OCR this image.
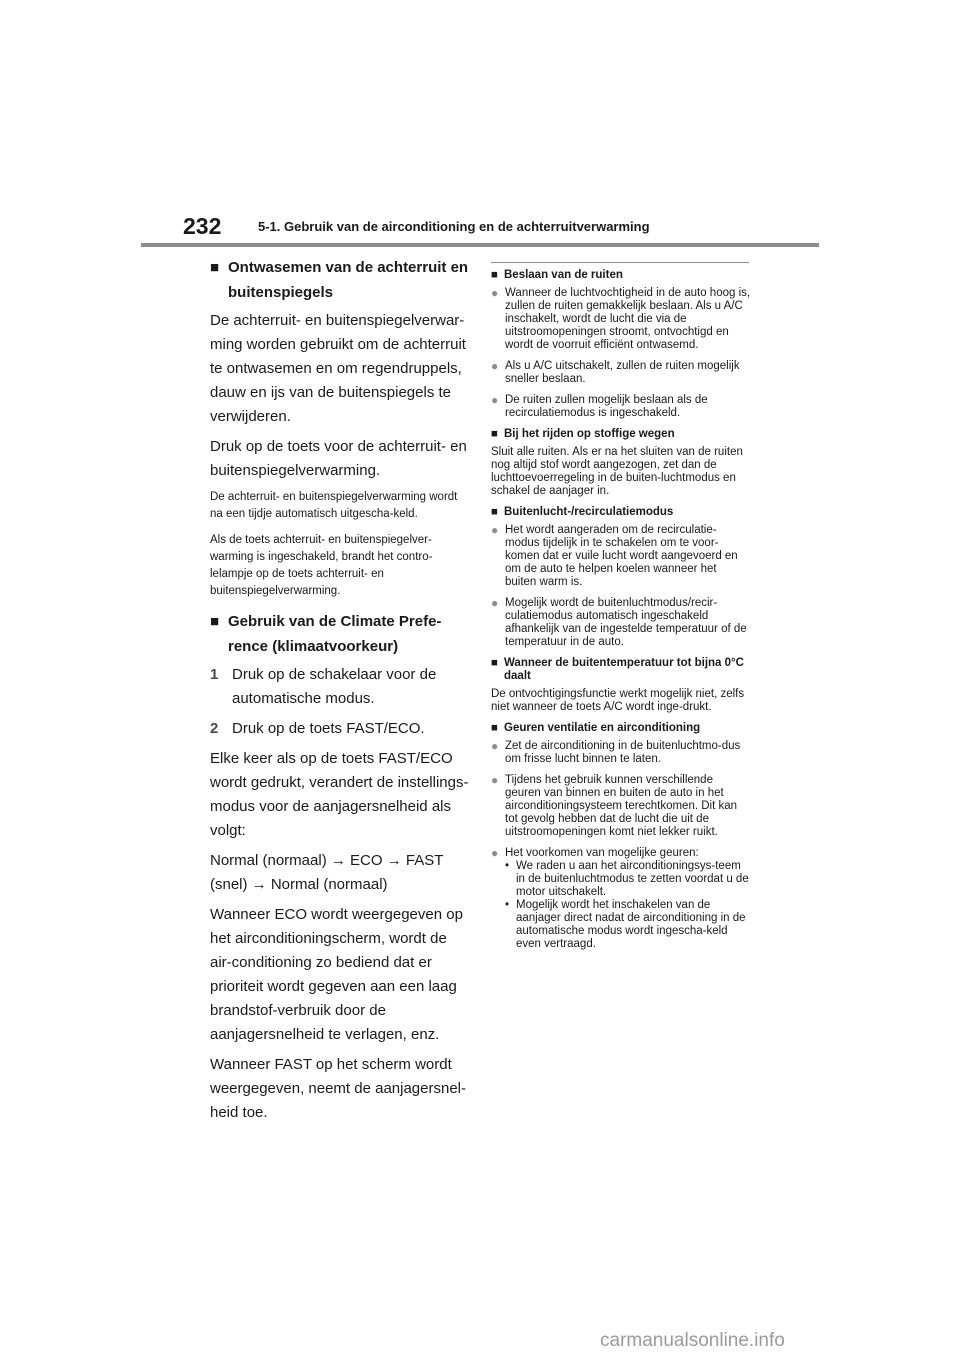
232	5-1. Gebruik van de airconditioning en de achterruitverwarming
■ Ontwasemen van de achterruit en buitenspiegels

De achterruit- en buitenspiegelverwar-ming worden gebruikt om de achterruit te ontwasemen en om regendruppels, dauw en ijs van de buitenspiegels te verwijderen.

Druk op de toets voor de achterruit- en buitenspiegelverwarming.

De achterruit- en buitenspiegelverwarming wordt na een tijdje automatisch uitgescha-keld.

Als de toets achterruit- en buitenspiegelver-warming is ingeschakeld, brandt het contro-lelampje op de toets achterruit- en buitenspiegelverwarming.

■ Gebruik van de Climate Prefe-rence (klimaatvoorkeur)
1 Druk op de schakelaar voor de automatische modus.
2 Druk op de toets FAST/ECO.

Elke keer als op de toets FAST/ECO wordt gedrukt, verandert de instellings-modus voor de aanjagersnelheid als volgt:

Normal (normaal) → ECO → FAST (snel) → Normal (normaal)

Wanneer ECO wordt weergegeven op het airconditioningscherm, wordt de air-conditioning zo bediend dat er prioriteit wordt gegeven aan een laag brandstof-verbruik door de aanjagersnelheid te verlagen, enz.

Wanneer FAST op het scherm wordt weergegeven, neemt de aanjagersnel-heid toe.

■ Beslaan van de ruiten
● Wanneer de luchtvochtigheid in de auto hoog is, zullen de ruiten gemakkelijk beslaan. Als u A/C inschakelt, wordt de lucht die via de uitstroomopeningen stroomt, ontvochtigd en wordt de voorruit efficiënt ontwasemd.
● Als u A/C uitschakelt, zullen de ruiten mogelijk sneller beslaan.
● De ruiten zullen mogelijk beslaan als de recirculatiemodus is ingeschakeld.
■ Bij het rijden op stoffige wegen

Sluit alle ruiten. Als er na het sluiten van de ruiten nog altijd stof wordt aangezogen, zet dan de luchttoevoerregeling in de buiten-luchtmodus en schakel de aanjager in.

■ Buitenlucht-/recirculatiemodus
● Het wordt aangeraden om de recirculatie-modus tijdelijk in te schakelen om te voor-komen dat er vuile lucht wordt aangevoerd en om de auto te helpen koelen wanneer het buiten warm is.
● Mogelijk wordt de buitenluchtmodus/recir-culatiemodus automatisch ingeschakeld afhankelijk van de ingestelde temperatuur of de temperatuur in de auto.
■ Wanneer de buitentemperatuur tot bijna 0°C daalt

De ontvochtigingsfunctie werkt mogelijk niet, zelfs niet wanneer de toets A/C wordt inge-drukt.

■ Geuren ventilatie en airconditioning
● Zet de airconditioning in de buitenluchtmo-dus om frisse lucht binnen te laten.
● Tijdens het gebruik kunnen verschillende geuren van binnen en buiten de auto in het airconditioningsysteem terechtkomen. Dit kan tot gevolg hebben dat de lucht die uit de uitstroomopeningen komt niet lekker ruikt.
● Het voorkomen van mogelijke geuren:
• We raden u aan het airconditioningsys-teem in de buitenluchtmodus te zetten voordat u de motor uitschakelt.
• Mogelijk wordt het inschakelen van de aanjager direct nadat de airconditioning in de automatische modus wordt ingescha-keld even vertraagd.
carmanualsonline.info
